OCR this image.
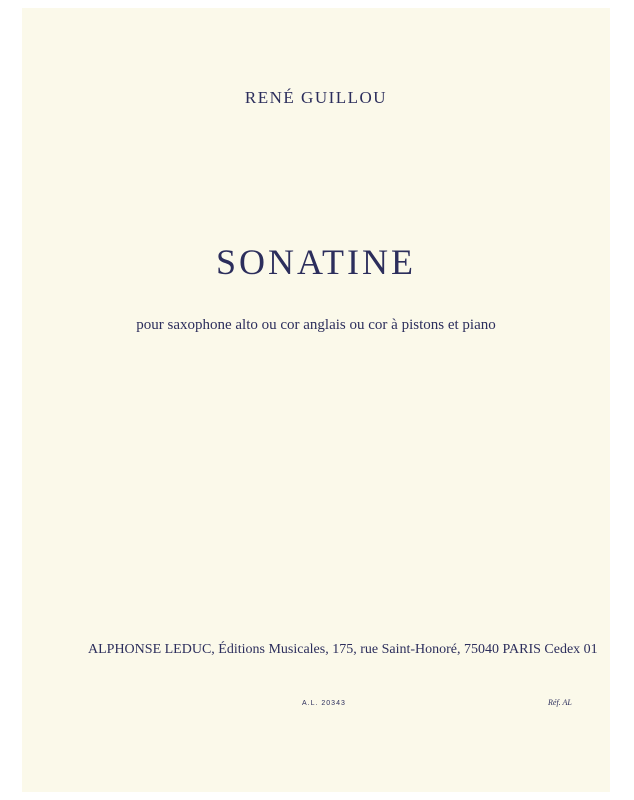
RENÉ GUILLOU
SONATINE
pour saxophone alto ou cor anglais ou cor à pistons et piano
ALPHONSE LEDUC, Éditions Musicales, 175, rue Saint-Honoré, 75040 PARIS Cedex 01
A.L. 20343	Réf. AL
